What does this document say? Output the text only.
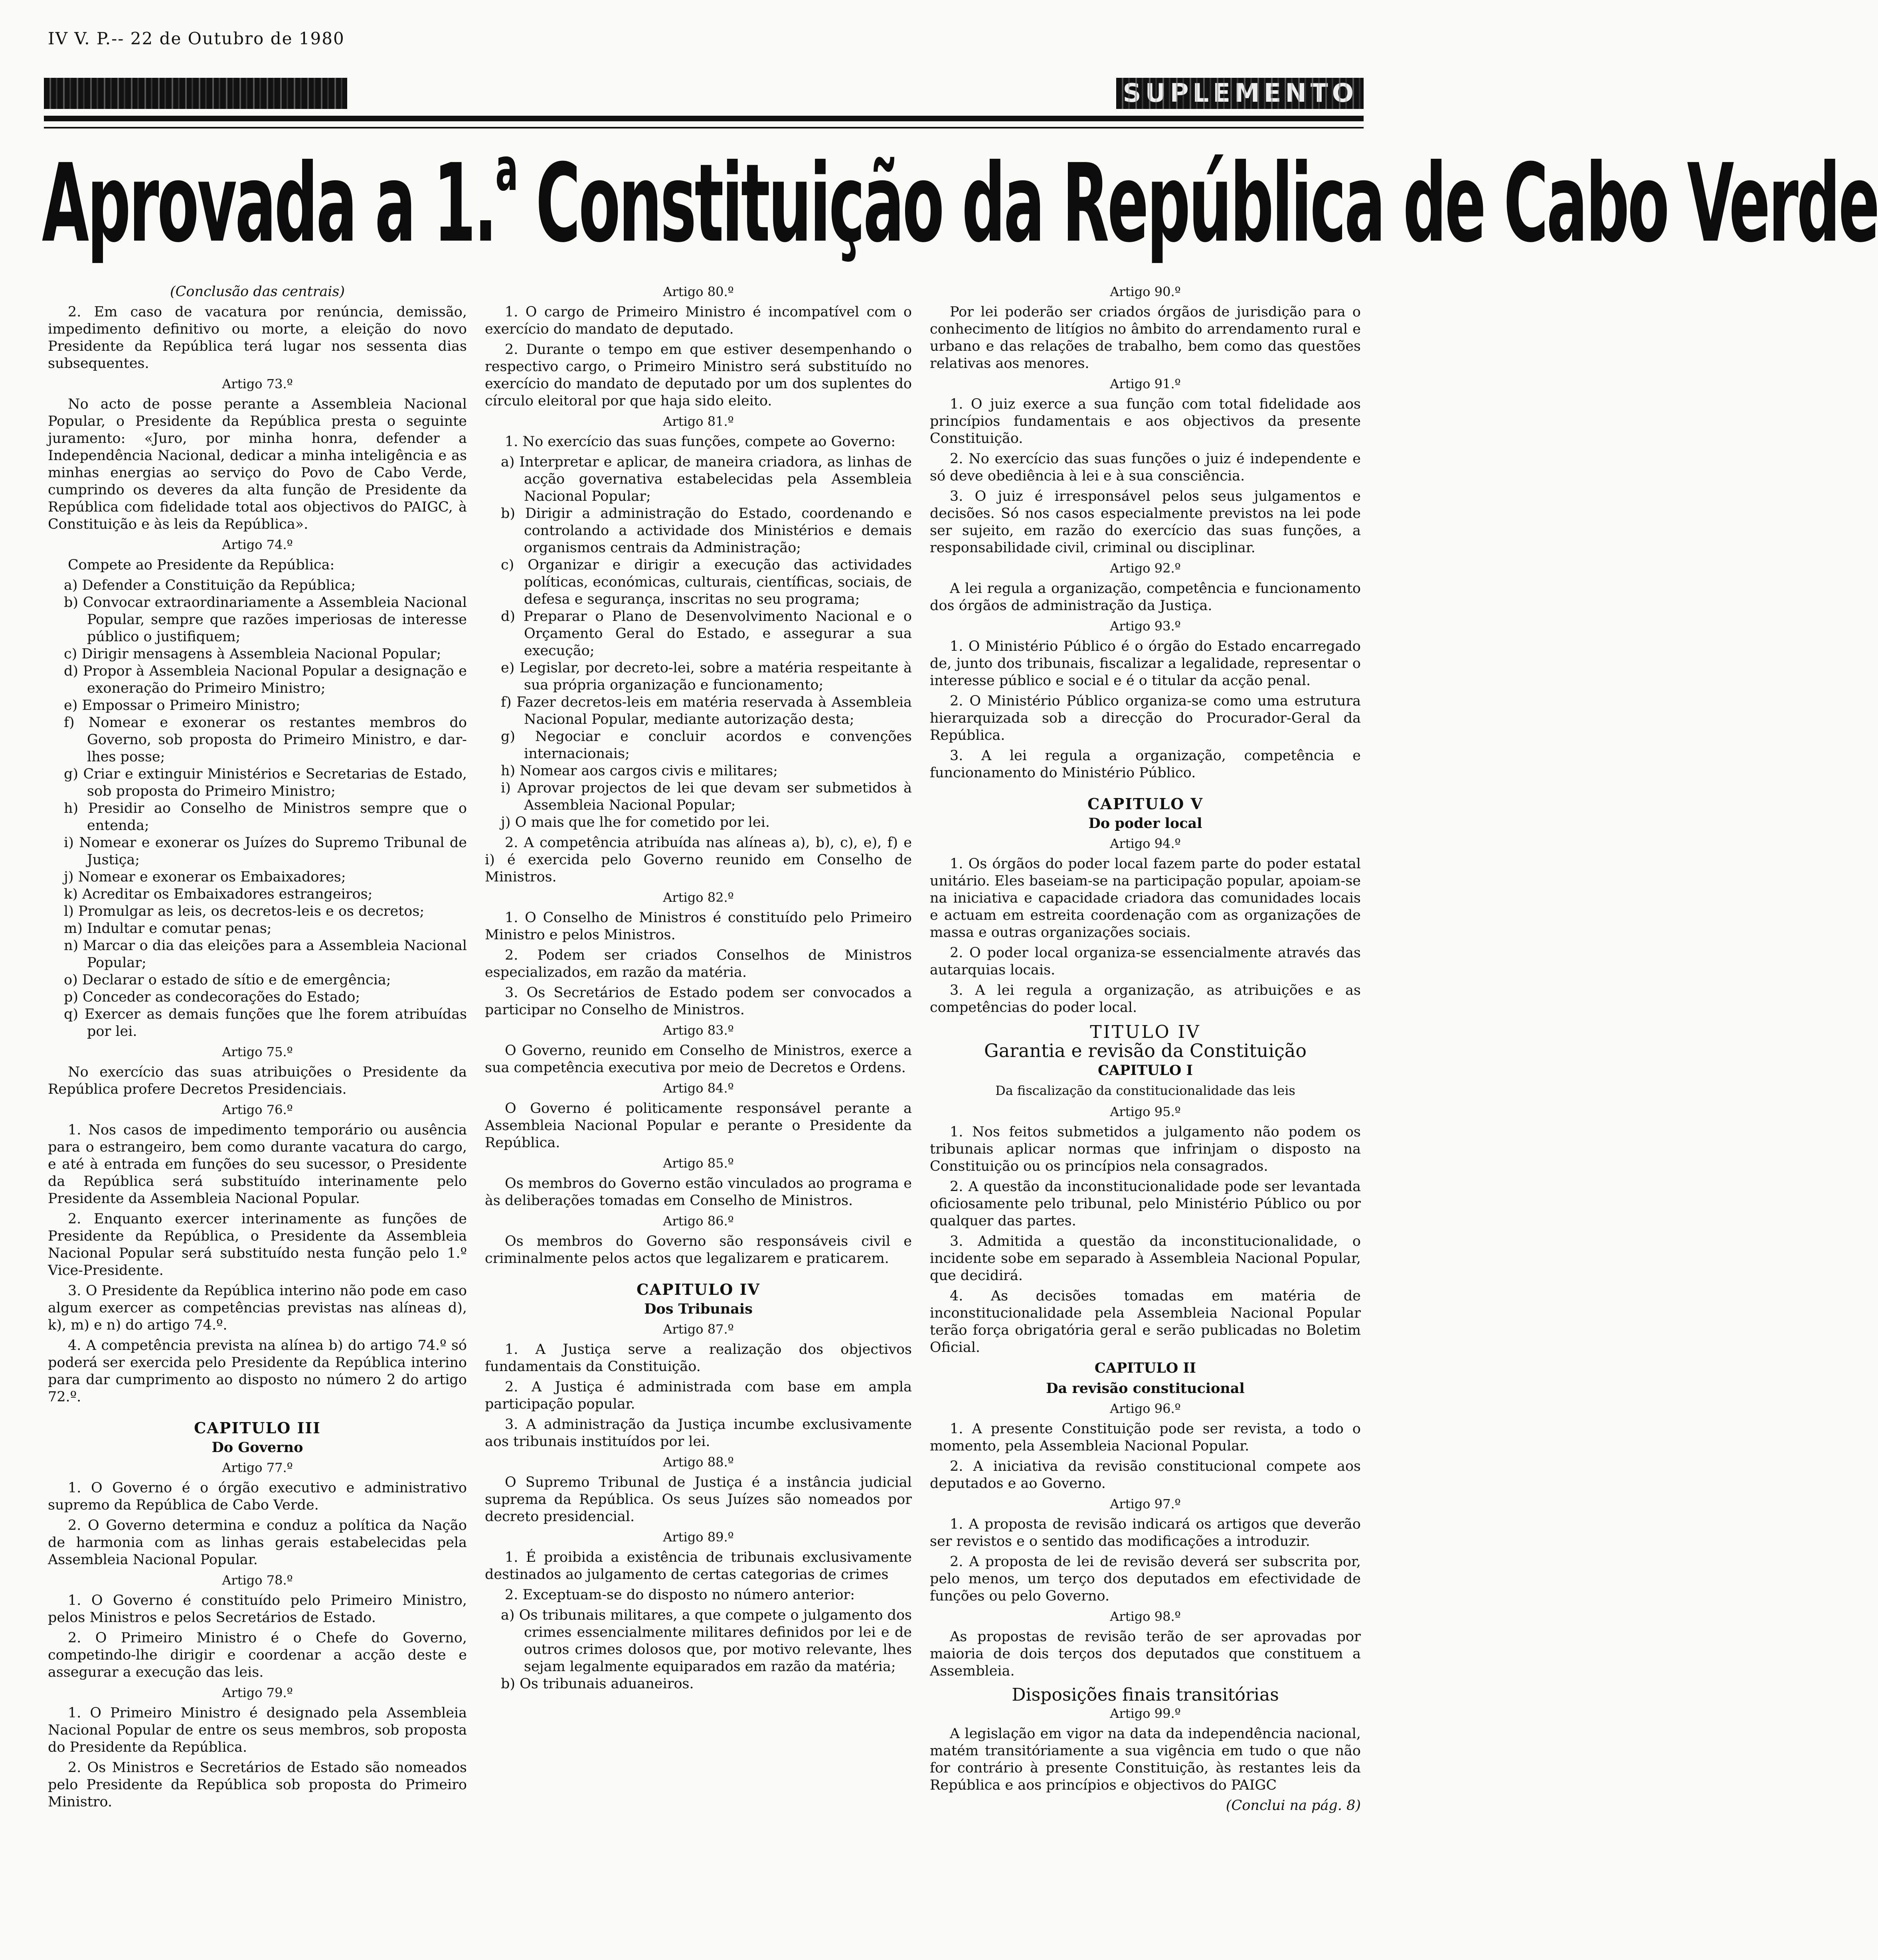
IV V. P.-- 22 de Outubro de 1980
SUPLEMENTO
Aprovada a 1.$^a$ Constituição da República de Cabo Verde

(Conclusão das centrais)

2. Em caso de vacatura por renúncia, demissão, impedimento definitivo ou morte, a eleição do novo Presidente da República terá lugar nos sessenta dias subsequentes.

Artigo 73.º

No acto de posse perante a Assembleia Nacional Popular, o Presidente da República presta o seguinte juramento: «Juro, por minha honra, defender a Independência Nacional, dedicar a minha inteligência e as minhas energias ao serviço do Povo de Cabo Verde, cumprindo os deveres da alta função de Presidente da República com fidelidade total aos objectivos do PAIGC, à Constituição e às leis da República».

Artigo 74.º

Compete ao Presidente da República:

a) Defender a Constituição da República;
b) Convocar extraordinariamente a Assembleia Nacional Popular, sempre que razões imperiosas de interesse público o justifiquem;
c) Dirigir mensagens à Assembleia Nacional Popular;
d) Propor à Assembleia Nacional Popular a designação e exoneração do Primeiro Ministro;
e) Empossar o Primeiro Ministro;
f) Nomear e exonerar os restantes membros do Governo, sob proposta do Primeiro Ministro, e dar-lhes posse;
g) Criar e extinguir Ministérios e Secretarias de Estado, sob proposta do Primeiro Ministro;
h) Presidir ao Conselho de Ministros sempre que o entenda;
i) Nomear e exonerar os Juízes do Supremo Tribunal de Justiça;
j) Nomear e exonerar os Embaixadores;
k) Acreditar os Embaixadores estrangeiros;
l) Promulgar as leis, os decretos-leis e os decretos;
m) Indultar e comutar penas;
n) Marcar o dia das eleições para a Assembleia Nacional Popular;
o) Declarar o estado de sítio e de emergência;
p) Conceder as condecorações do Estado;
q) Exercer as demais funções que lhe forem atribuídas por lei.

Artigo 75.º

No exercício das suas atribuições o Presidente da República profere Decretos Presidenciais.

Artigo 76.º

1. Nos casos de impedimento temporário ou ausência para o estrangeiro, bem como durante vacatura do cargo, e até à entrada em funções do seu sucessor, o Presidente da República será substituído interinamente pelo Presidente da Assembleia Nacional Popular.

2. Enquanto exercer interinamente as funções de Presidente da República, o Presidente da Assembleia Nacional Popular será substituído nesta função pelo 1.º Vice-Presidente.

3. O Presidente da República interino não pode em caso algum exercer as competências previstas nas alíneas d), k), m) e n) do artigo 74.º.

4. A competência prevista na alínea b) do artigo 74.º só poderá ser exercida pelo Presidente da República interino para dar cumprimento ao disposto no número 2 do artigo 72.º.

CAPITULO III
Do Governo

Artigo 77.º

1. O Governo é o órgão executivo e administrativo supremo da República de Cabo Verde.

2. O Governo determina e conduz a política da Nação de harmonia com as linhas gerais estabelecidas pela Assembleia Nacional Popular.

Artigo 78.º

1. O Governo é constituído pelo Primeiro Ministro, pelos Ministros e pelos Secretários de Estado.

2. O Primeiro Ministro é o Chefe do Governo, competindo-lhe dirigir e coordenar a acção deste e assegurar a execução das leis.

Artigo 79.º

1. O Primeiro Ministro é designado pela Assembleia Nacional Popular de entre os seus membros, sob proposta do Presidente da República.

2. Os Ministros e Secretários de Estado são nomeados pelo Presidente da República sob proposta do Primeiro Ministro.

Artigo 80.º

1. O cargo de Primeiro Ministro é incompatível com o exercício do mandato de deputado.

2. Durante o tempo em que estiver desempenhando o respectivo cargo, o Primeiro Ministro será substituído no exercício do mandato de deputado por um dos suplentes do círculo eleitoral por que haja sido eleito.

Artigo 81.º

1. No exercício das suas funções, compete ao Governo:

a) Interpretar e aplicar, de maneira criadora, as linhas de acção governativa estabelecidas pela Assembleia Nacional Popular;
b) Dirigir a administração do Estado, coordenando e controlando a actividade dos Ministérios e demais organismos centrais da Administração;
c) Organizar e dirigir a execução das actividades políticas, económicas, culturais, científicas, sociais, de defesa e segurança, inscritas no seu programa;
d) Preparar o Plano de Desenvolvimento Nacional e o Orçamento Geral do Estado, e assegurar a sua execução;
e) Legislar, por decreto-lei, sobre a matéria respeitante à sua própria organização e funcionamento;
f) Fazer decretos-leis em matéria reservada à Assembleia Nacional Popular, mediante autorização desta;
g) Negociar e concluir acordos e convenções internacionais;
h) Nomear aos cargos civis e militares;
i) Aprovar projectos de lei que devam ser submetidos à Assembleia Nacional Popular;
j) O mais que lhe for cometido por lei.

2. A competência atribuída nas alíneas a), b), c), e), f) e i) é exercida pelo Governo reunido em Conselho de Ministros.

Artigo 82.º

1. O Conselho de Ministros é constituído pelo Primeiro Ministro e pelos Ministros.

2. Podem ser criados Conselhos de Ministros especializados, em razão da matéria.

3. Os Secretários de Estado podem ser convocados a participar no Conselho de Ministros.

Artigo 83.º

O Governo, reunido em Conselho de Ministros, exerce a sua competência executiva por meio de Decretos e Ordens.

Artigo 84.º

O Governo é politicamente responsável perante a Assembleia Nacional Popular e perante o Presidente da República.

Artigo 85.º

Os membros do Governo estão vinculados ao programa e às deliberações tomadas em Conselho de Ministros.

Artigo 86.º

Os membros do Governo são responsáveis civil e criminalmente pelos actos que legalizarem e praticarem.

CAPITULO IV
Dos Tribunais

Artigo 87.º

1. A Justiça serve a realização dos objectivos fundamentais da Constituição.

2. A Justiça é administrada com base em ampla participação popular.

3. A administração da Justiça incumbe exclusivamente aos tribunais instituídos por lei.

Artigo 88.º

O Supremo Tribunal de Justiça é a instância judicial suprema da República. Os seus Juízes são nomeados por decreto presidencial.

Artigo 89.º

1. É proibida a existência de tribunais exclusivamente destinados ao julgamento de certas categorias de crimes

2. Exceptuam-se do disposto no número anterior:

a) Os tribunais militares, a que compete o julgamento dos crimes essencialmente militares definidos por lei e de outros crimes dolosos que, por motivo relevante, lhes sejam legalmente equiparados em razão da matéria;
b) Os tribunais aduaneiros.

Artigo 90.º

Por lei poderão ser criados órgãos de jurisdição para o conhecimento de litígios no âmbito do arrendamento rural e urbano e das relações de trabalho, bem como das questões relativas aos menores.

Artigo 91.º

1. O juiz exerce a sua função com total fidelidade aos princípios fundamentais e aos objectivos da presente Constituição.

2. No exercício das suas funções o juiz é independente e só deve obediência à lei e à sua consciência.

3. O juiz é irresponsável pelos seus julgamentos e decisões. Só nos casos especialmente previstos na lei pode ser sujeito, em razão do exercício das suas funções, a responsabilidade civil, criminal ou disciplinar.

Artigo 92.º

A lei regula a organização, competência e funcionamento dos órgãos de administração da Justiça.

Artigo 93.º

1. O Ministério Público é o órgão do Estado encarregado de, junto dos tribunais, fiscalizar a legalidade, representar o interesse público e social e é o titular da acção penal.

2. O Ministério Público organiza-se como uma estrutura hierarquizada sob a direcção do Procurador-Geral da República.

3. A lei regula a organização, competência e funcionamento do Ministério Público.

CAPITULO V
Do poder local

Artigo 94.º

1. Os órgãos do poder local fazem parte do poder estatal unitário. Eles baseiam-se na participação popular, apoiam-se na iniciativa e capacidade criadora das comunidades locais e actuam em estreita coordenação com as organizações de massa e outras organizações sociais.

2. O poder local organiza-se essencialmente através das autarquias locais.

3. A lei regula a organização, as atribuições e as competências do poder local.

TITULO IV
Garantia e revisão da Constituição
CAPITULO I
Da fiscalização da constitucionalidade das leis

Artigo 95.º

1. Nos feitos submetidos a julgamento não podem os tribunais aplicar normas que infrinjam o disposto na Constituição ou os princípios nela consagrados.

2. A questão da inconstitucionalidade pode ser levantada oficiosamente pelo tribunal, pelo Ministério Público ou por qualquer das partes.

3. Admitida a questão da inconstitucionalidade, o incidente sobe em separado à Assembleia Nacional Popular, que decidirá.

4. As decisões tomadas em matéria de inconstitucionalidade pela Assembleia Nacional Popular terão força obrigatória geral e serão publicadas no Boletim Oficial.

CAPITULO II
Da revisão constitucional

Artigo 96.º

1. A presente Constituição pode ser revista, a todo o momento, pela Assembleia Nacional Popular.

2. A iniciativa da revisão constitucional compete aos deputados e ao Governo.

Artigo 97.º

1. A proposta de revisão indicará os artigos que deverão ser revistos e o sentido das modificações a introduzir.

2. A proposta de lei de revisão deverá ser subscrita por, pelo menos, um terço dos deputados em efectividade de funções ou pelo Governo.

Artigo 98.º

As propostas de revisão terão de ser aprovadas por maioria de dois terços dos deputados que constituem a Assembleia.

Disposições finais transitórias

Artigo 99.º

A legislação em vigor na data da independência nacional, matém transitóriamente a sua vigência em tudo o que não for contrário à presente Constituição, às restantes leis da República e aos princípios e objectivos do PAIGC

(Conclui na pág. 8)
